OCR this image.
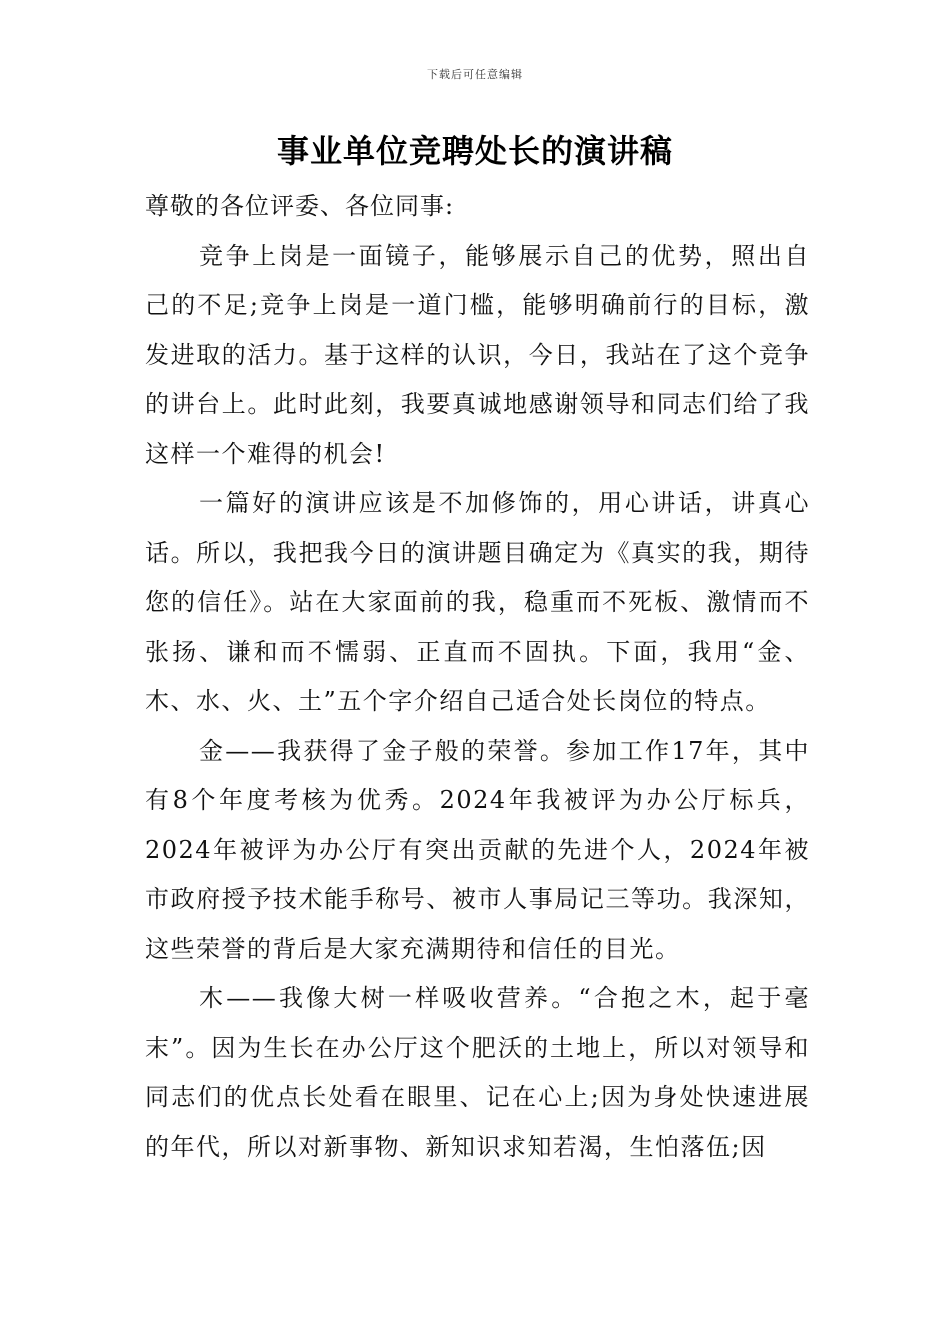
下载后可任意编辑
事业单位竞聘处长的演讲稿

尊敬的各位评委、各位同事:

竞争上岗是一面镜子，能够展示自己的优势，照出自己的不足;竞争上岗是一道门槛，能够明确前行的目标，激发进取的活力。基于这样的认识，今日，我站在了这个竞争的讲台上。此时此刻，我要真诚地感谢领导和同志们给了我这样一个难得的机会!

一篇好的演讲应该是不加修饰的，用心讲话，讲真心话。所以，我把我今日的演讲题目确定为《真实的我，期待您的信任》。站在大家面前的我，稳重而不死板、激情而不张扬、谦和而不懦弱、正直而不固执。下面，我用“金、木、水、火、土”五个字介绍自己适合处长岗位的特点。

金——我获得了金子般的荣誉。参加工作17年，其中有8个年度考核为优秀。2024年我被评为办公厅标兵，2024年被评为办公厅有突出贡献的先进个人，2024年被市政府授予技术能手称号、被市人事局记三等功。我深知，这些荣誉的背后是大家充满期待和信任的目光。

木——我像大树一样吸收营养。“合抱之木，起于毫末”。因为生长在办公厅这个肥沃的土地上，所以对领导和同志们的优点长处看在眼里、记在心上;因为身处快速进展的年代，所以对新事物、新知识求知若渴，生怕落伍;因
